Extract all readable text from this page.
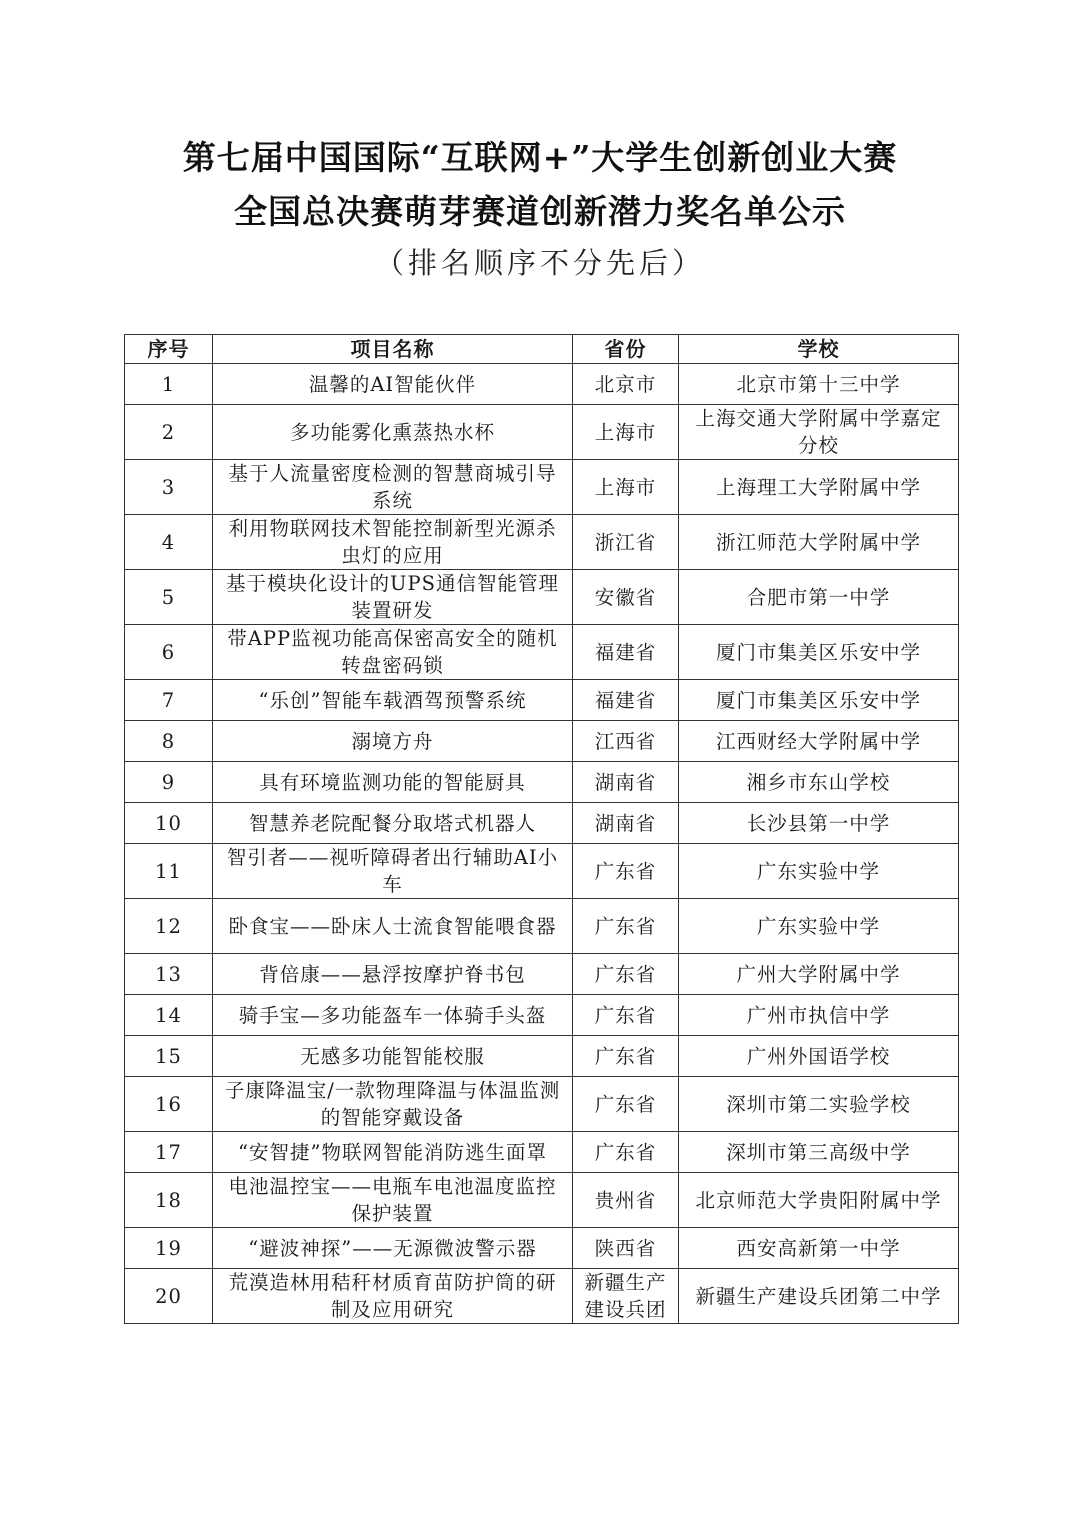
第七届中国国际“互联网+”大学生创新创业大赛
全国总决赛萌芽赛道创新潜力奖名单公示
（排名顺序不分先后）
序号	项目名称	省份	学校
1	温馨的AI智能伙伴	北京市	北京市第十三中学
2	多功能雾化熏蒸热水杯	上海市	上海交通大学附属中学嘉定分校
3	基于人流量密度检测的智慧商城引导系统	上海市	上海理工大学附属中学
4	利用物联网技术智能控制新型光源杀虫灯的应用	浙江省	浙江师范大学附属中学
5	基于模块化设计的UPS通信智能管理装置研发	安徽省	合肥市第一中学
6	带APP监视功能高保密高安全的随机转盘密码锁	福建省	厦门市集美区乐安中学
7	“乐创”智能车载酒驾预警系统	福建省	厦门市集美区乐安中学
8	溺境方舟	江西省	江西财经大学附属中学
9	具有环境监测功能的智能厨具	湖南省	湘乡市东山学校
10	智慧养老院配餐分取塔式机器人	湖南省	长沙县第一中学
11	智引者——视听障碍者出行辅助AI小车	广东省	广东实验中学
12	卧食宝——卧床人士流食智能喂食器	广东省	广东实验中学
13	背倍康——悬浮按摩护脊书包	广东省	广州大学附属中学
14	骑手宝—多功能盔车一体骑手头盔	广东省	广州市执信中学
15	无感多功能智能校服	广东省	广州外国语学校
16	子康降温宝/一款物理降温与体温监测的智能穿戴设备	广东省	深圳市第二实验学校
17	“安智捷”物联网智能消防逃生面罩	广东省	深圳市第三高级中学
18	电池温控宝——电瓶车电池温度监控保护装置	贵州省	北京师范大学贵阳附属中学
19	“避波神探”——无源微波警示器	陕西省	西安高新第一中学
20	荒漠造林用秸秆材质育苗防护筒的研制及应用研究	新疆生产建设兵团	新疆生产建设兵团第二中学
